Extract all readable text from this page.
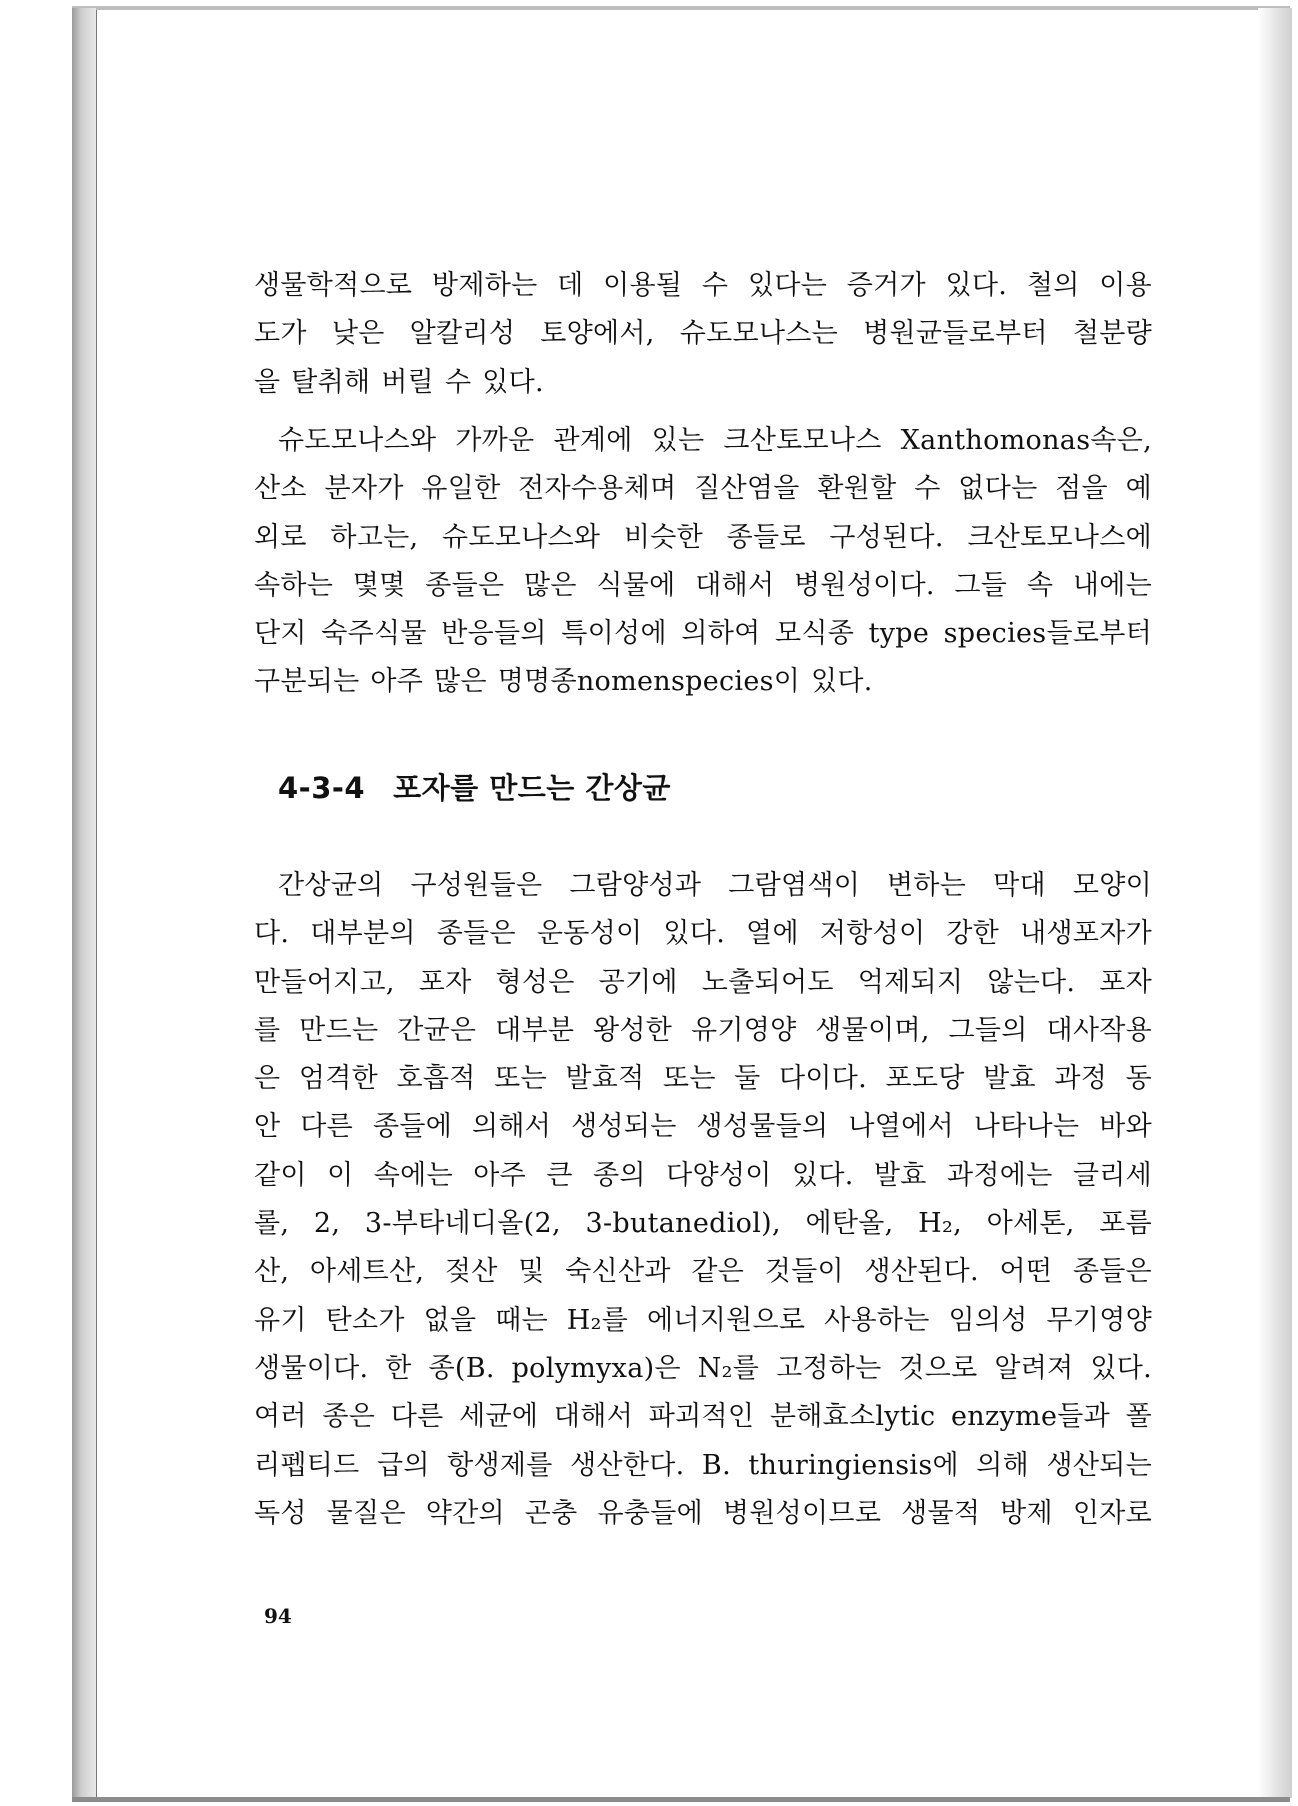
생물학적으로 방제하는 데 이용될 수 있다는 증거가 있다. 철의 이용
도가 낮은 알칼리성 토양에서, 슈도모나스는 병원균들로부터 철분량
을 탈취해 버릴 수 있다.

슈도모나스와 가까운 관계에 있는 크산토모나스 Xanthomonas속은,
산소 분자가 유일한 전자수용체며 질산염을 환원할 수 없다는 점을 예
외로 하고는, 슈도모나스와 비슷한 종들로 구성된다. 크산토모나스에
속하는 몇몇 종들은 많은 식물에 대해서 병원성이다. 그들 속 내에는
단지 숙주식물 반응들의 특이성에 의하여 모식종 type species들로부터
구분되는 아주 많은 명명종nomenspecies이 있다.

4-3-4 포자를 만드는 간상균

간상균의 구성원들은 그람양성과 그람염색이 변하는 막대 모양이
다. 대부분의 종들은 운동성이 있다. 열에 저항성이 강한 내생포자가
만들어지고, 포자 형성은 공기에 노출되어도 억제되지 않는다. 포자
를 만드는 간균은 대부분 왕성한 유기영양 생물이며, 그들의 대사작용
은 엄격한 호흡적 또는 발효적 또는 둘 다이다. 포도당 발효 과정 동
안 다른 종들에 의해서 생성되는 생성물들의 나열에서 나타나는 바와
같이 이 속에는 아주 큰 종의 다양성이 있다. 발효 과정에는 글리세
롤, 2, 3-부타네디올(2, 3-butanediol), 에탄올, H₂, 아세톤, 포름
산, 아세트산, 젖산 및 숙신산과 같은 것들이 생산된다. 어떤 종들은
유기 탄소가 없을 때는 H₂를 에너지원으로 사용하는 임의성 무기영양
생물이다. 한 종(B. polymyxa)은 N₂를 고정하는 것으로 알려져 있다.
여러 종은 다른 세균에 대해서 파괴적인 분해효소lytic enzyme들과 폴
리펩티드 급의 항생제를 생산한다. B. thuringiensis에 의해 생산되는
독성 물질은 약간의 곤충 유충들에 병원성이므로 생물적 방제 인자로

94
